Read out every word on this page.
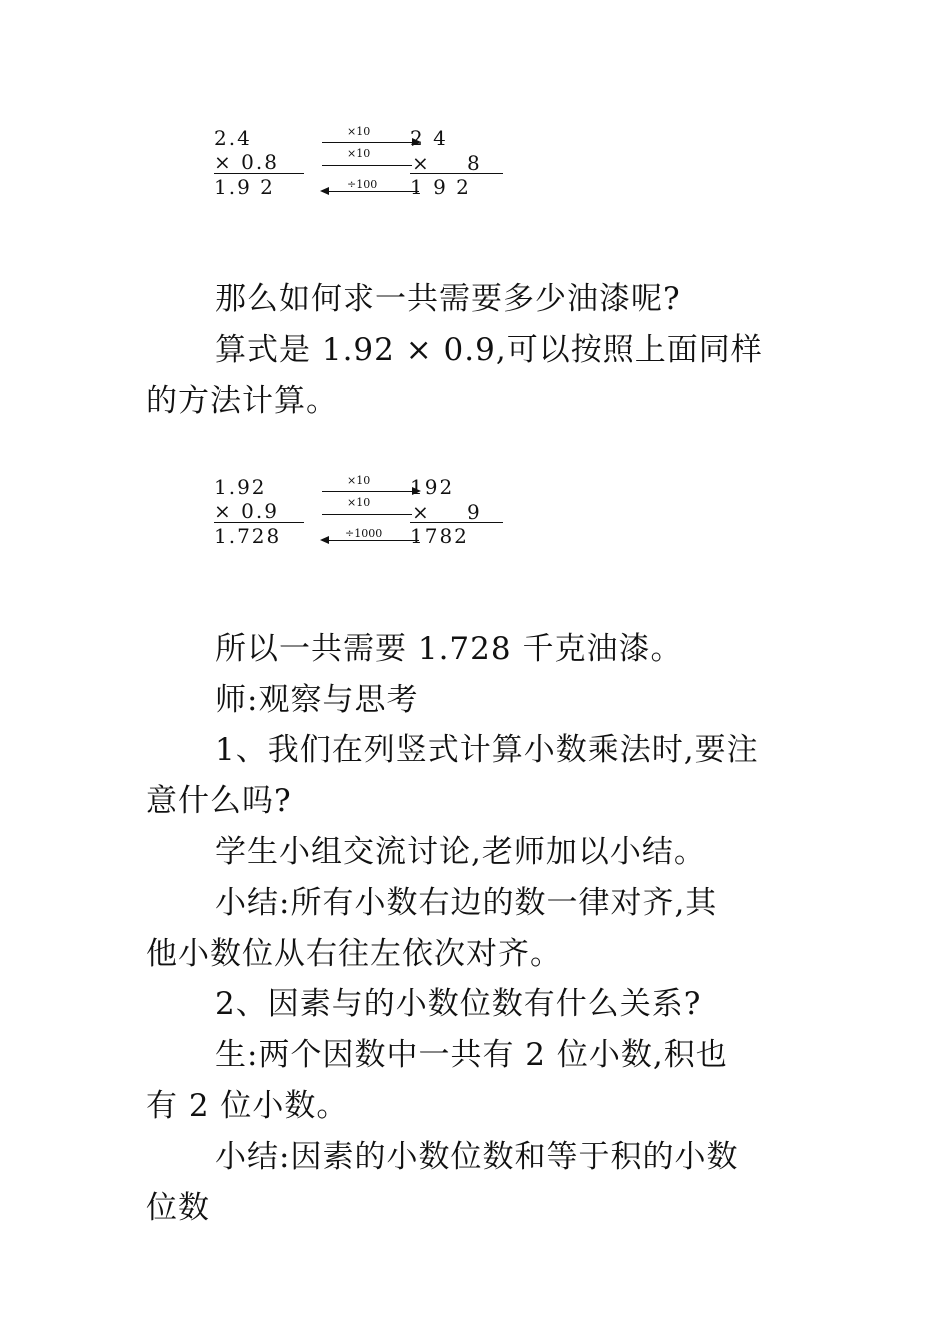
2.4
× 0.8
1.9 2
×10
×10
÷100
2 4
× 8
1 9 2
那么如何求一共需要多少油漆呢?
算式是 1.92 × 0.9,可以按照上面同样
的方法计算。
1.92
× 0.9
1.728
×10
×10
÷1000
192
× 9
1782
所以一共需要 1.728 千克油漆。
师:观察与思考
1、我们在列竖式计算小数乘法时,要注
意什么吗?
学生小组交流讨论,老师加以小结。
小结:所有小数右边的数一律对齐,其
他小数位从右往左依次对齐。
2、因素与的小数位数有什么关系?
生:两个因数中一共有 2 位小数,积也
有 2 位小数。
小结:因素的小数位数和等于积的小数
位数
